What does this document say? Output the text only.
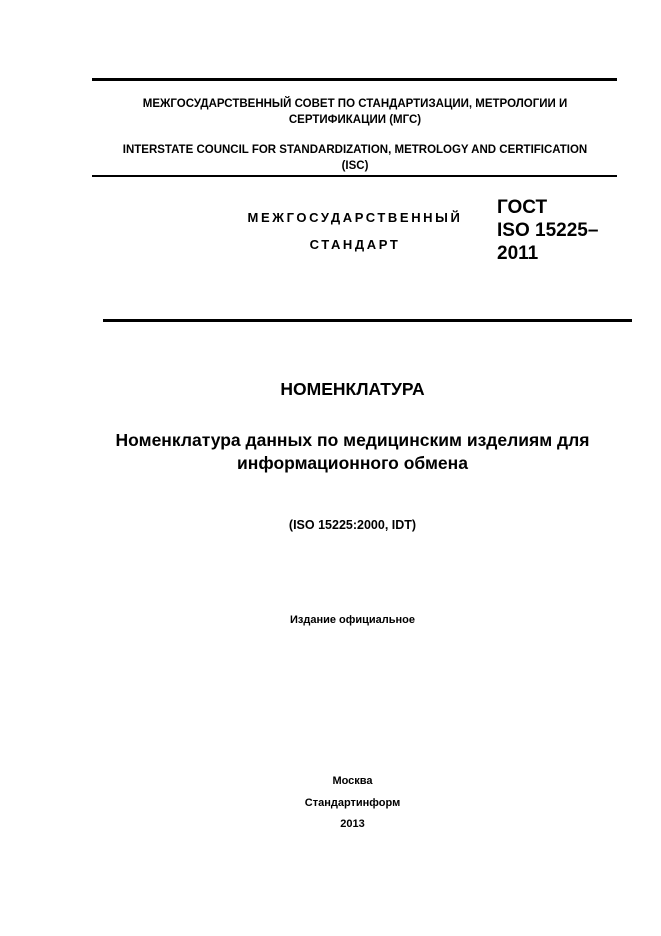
МЕЖГОСУДАРСТВЕННЫЙ СОВЕТ ПО СТАНДАРТИЗАЦИИ, МЕТРОЛОГИИ И СЕРТИФИКАЦИИ (МГС)
INTERSTATE COUNCIL FOR STANDARDIZATION, METROLOGY AND CERTIFICATION (ISC)
МЕЖГОСУДАРСТВЕННЫЙ
СТАНДАРТ
ГОСТ
ISO 15225–
2011
НОМЕНКЛАТУРА
Номенклатура данных по медицинским изделиям для информационного обмена
(ISO 15225:2000, IDT)
Издание официальное
Москва
Стандартинформ
2013
